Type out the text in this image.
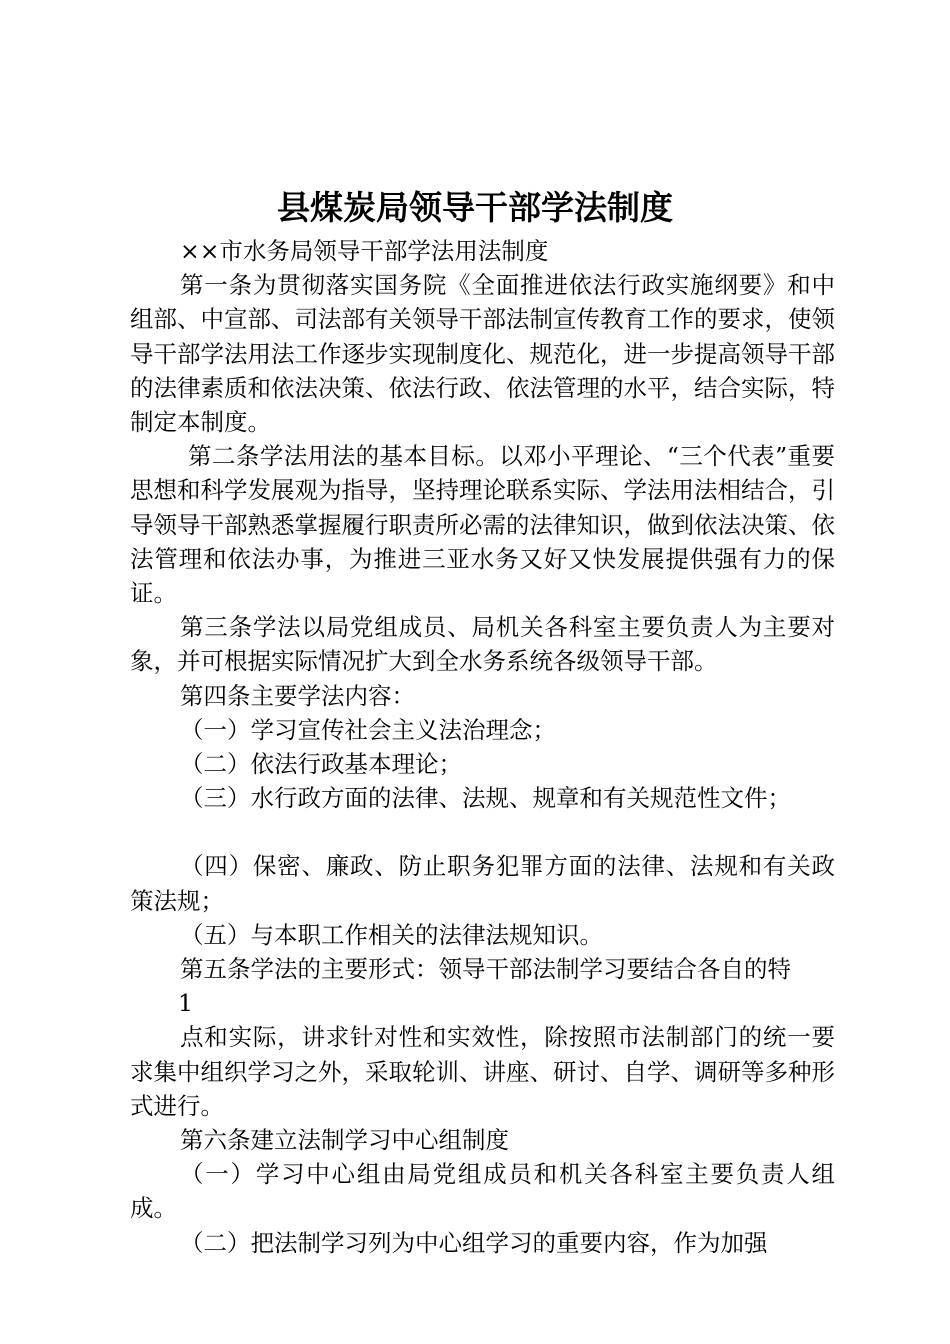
县煤炭局领导干部学法制度

××市水务局领导干部学法用法制度

第一条为贯彻落实国务院《全面推进依法行政实施纲要》和中组部、中宣部、司法部有关领导干部法制宣传教育工作的要求，使领导干部学法用法工作逐步实现制度化、规范化，进一步提高领导干部的法律素质和依法决策、依法行政、依法管理的水平，结合实际，特制定本制度。

第二条学法用法的基本目标。以邓小平理论、“三个代表”重要思想和科学发展观为指导，坚持理论联系实际、学法用法相结合，引导领导干部熟悉掌握履行职责所必需的法律知识，做到依法决策、依法管理和依法办事，为推进三亚水务又好又快发展提供强有力的保证。

第三条学法以局党组成员、局机关各科室主要负责人为主要对象，并可根据实际情况扩大到全水务系统各级领导干部。

第四条主要学法内容：

（一）学习宣传社会主义法治理念；

（二）依法行政基本理论；

（三）水行政方面的法律、法规、规章和有关规范性文件；

（四）保密、廉政、防止职务犯罪方面的法律、法规和有关政策法规；

（五）与本职工作相关的法律法规知识。

第五条学法的主要形式：领导干部法制学习要结合各自的特

1

点和实际，讲求针对性和实效性，除按照市法制部门的统一要求集中组织学习之外，采取轮训、讲座、研讨、自学、调研等多种形式进行。

第六条建立法制学习中心组制度

（一）学习中心组由局党组成员和机关各科室主要负责人组成。

（二）把法制学习列为中心组学习的重要内容，作为加强
